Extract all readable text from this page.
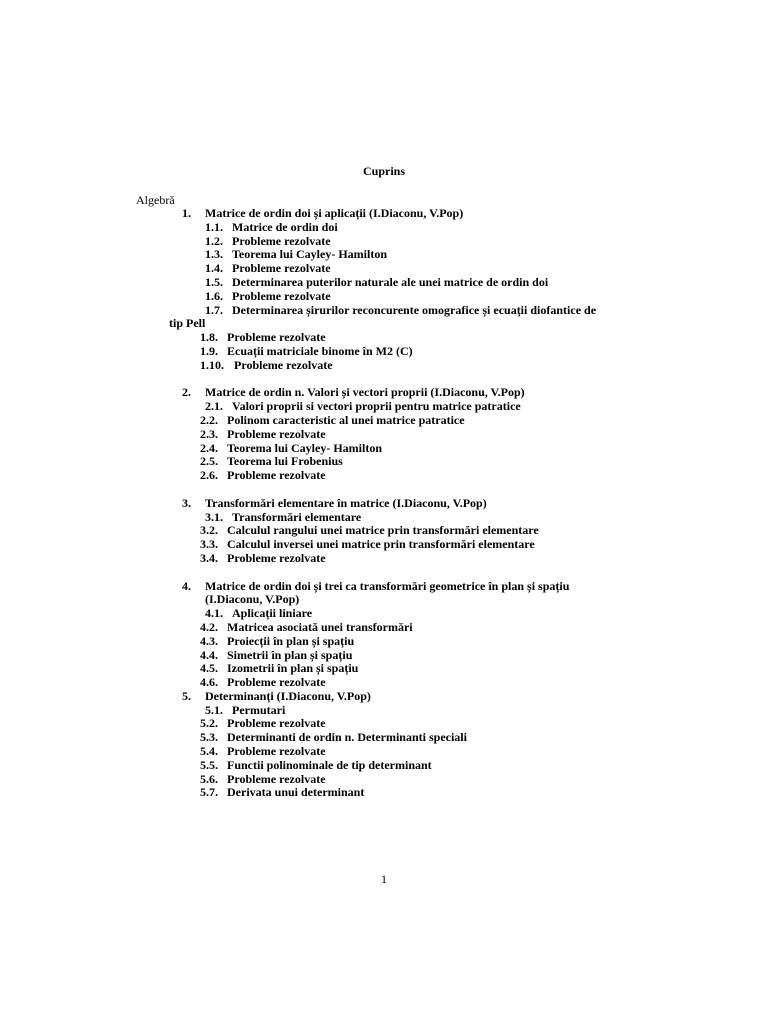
Cuprins
Algebră
1. Matrice de ordin doi și aplicații (I.Diaconu, V.Pop)
1.1. Matrice de ordin doi
1.2. Probleme rezolvate
1.3. Teorema lui Cayley- Hamilton
1.4. Probleme rezolvate
1.5. Determinarea puterilor naturale ale unei matrice de ordin doi
1.6. Probleme rezolvate
1.7. Determinarea șirurilor reconcurente omografice și ecuații diofantice de
tip Pell
1.8. Probleme rezolvate
1.9. Ecuații matriciale binome în M2 (C)
1.10. Probleme rezolvate
2. Matrice de ordin n. Valori și vectori proprii (I.Diaconu, V.Pop)
2.1. Valori proprii si vectori proprii pentru matrice patratice
2.2. Polinom caracteristic al unei matrice patratice
2.3. Probleme rezolvate
2.4. Teorema lui Cayley- Hamilton
2.5. Teorema lui Frobenius
2.6. Probleme rezolvate
3. Transformări elementare în matrice (I.Diaconu, V.Pop)
3.1. Transformări elementare
3.2. Calculul rangului unei matrice prin transformări elementare
3.3. Calculul inversei unei matrice prin transformări elementare
3.4. Probleme rezolvate
4. Matrice de ordin doi și trei ca transformări geometrice în plan și spațiu
(I.Diaconu, V.Pop)
4.1. Aplicații liniare
4.2. Matricea asociată unei transformări
4.3. Proiecții în plan și spațiu
4.4. Simetrii în plan și spațiu
4.5. Izometrii în plan și spațiu
4.6. Probleme rezolvate
5. Determinanți (I.Diaconu, V.Pop)
5.1. Permutari
5.2. Probleme rezolvate
5.3. Determinanti de ordin n. Determinanti speciali
5.4. Probleme rezolvate
5.5. Functii polinominale de tip determinant
5.6. Probleme rezolvate
5.7. Derivata unui determinant
1
